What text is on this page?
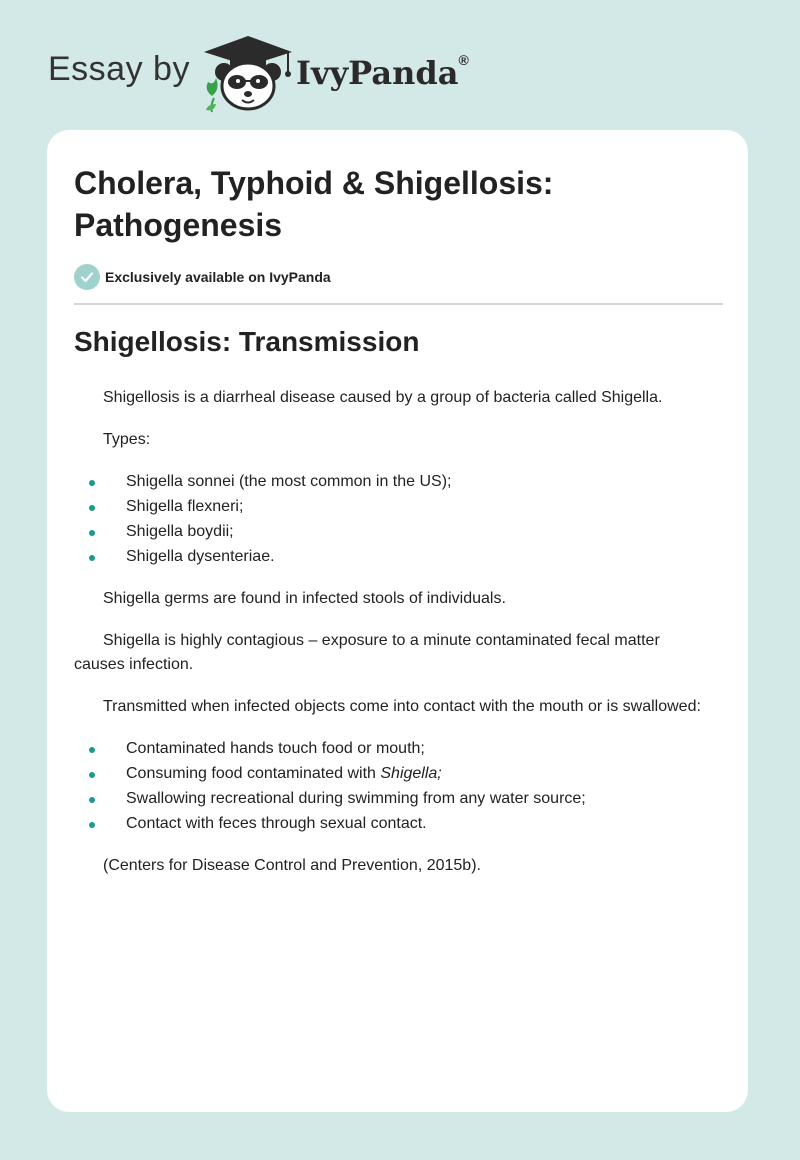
Essay by	IvyPanda®
Cholera, Typhoid & Shigellosis: Pathogenesis
Exclusively available on IvyPanda
Shigellosis: Transmission

Shigellosis is a diarrheal disease caused by a group of bacteria called Shigella.

Types:

Shigella sonnei (the most common in the US);
Shigella flexneri;
Shigella boydii;
Shigella dysenteriae.

Shigella germs are found in infected stools of individuals.

Shigella is highly contagious – exposure to a minute contaminated fecal matter causes infection.

Transmitted when infected objects come into contact with the mouth or is swallowed:

Contaminated hands touch food or mouth;
Consuming food contaminated with Shigella;
Swallowing recreational during swimming from any water source;
Contact with feces through sexual contact.

(Centers for Disease Control and Prevention, 2015b).
